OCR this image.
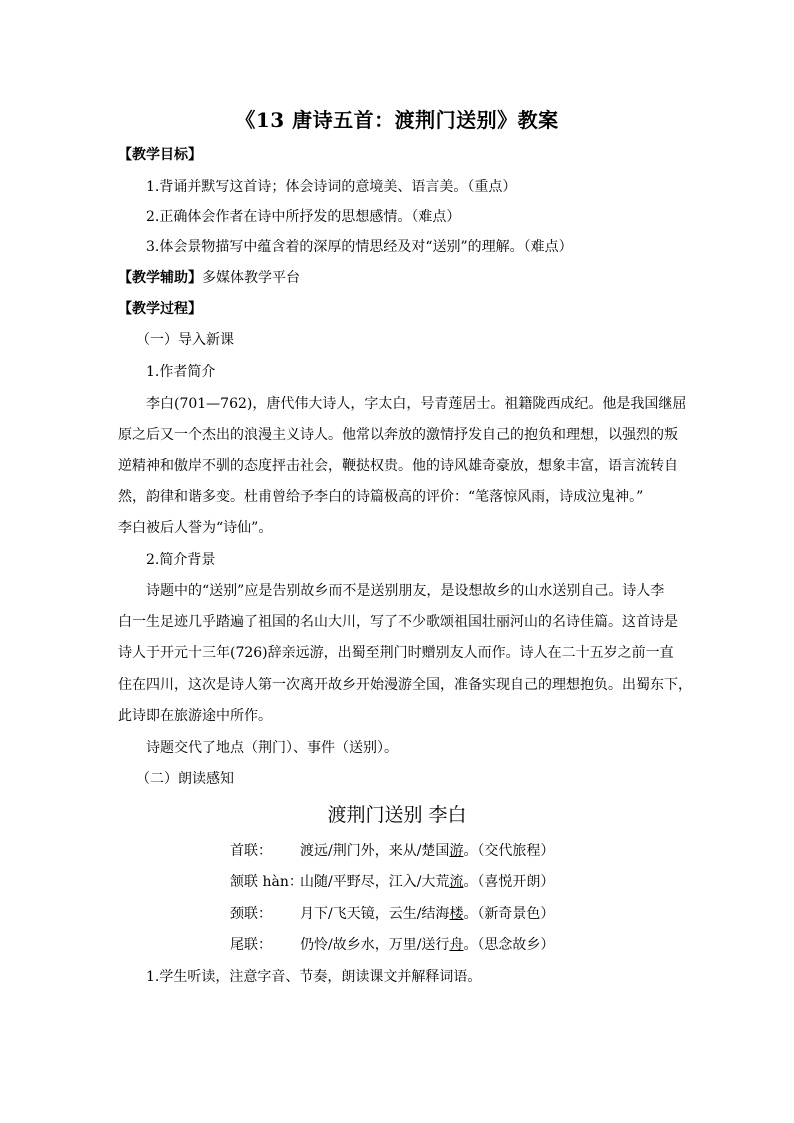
《13 唐诗五首：渡荆门送别》教案
【教学目标】
1.背诵并默写这首诗；体会诗词的意境美、语言美。（重点）
2.正确体会作者在诗中所抒发的思想感情。（难点）
3.体会景物描写中蕴含着的深厚的情思经及对“送别”的理解。（难点）
【教学辅助】多媒体教学平台
【教学过程】
（一）导入新课
1.作者简介
李白(701—762)，唐代伟大诗人，字太白，号青莲居士。祖籍陇西成纪。他是我国继屈
原之后又一个杰出的浪漫主义诗人。他常以奔放的激情抒发自己的抱负和理想，以强烈的叛
逆精神和傲岸不驯的态度抨击社会，鞭挞权贵。他的诗风雄奇豪放，想象丰富，语言流转自
然，韵律和谐多变。杜甫曾给予李白的诗篇极高的评价：“笔落惊风雨，诗成泣鬼神。”
李白被后人誉为“诗仙”。
2.简介背景
诗题中的“送别”应是告别故乡而不是送别朋友，是设想故乡的山水送别自己。诗人李
白一生足迹几乎踏遍了祖国的名山大川，写了不少歌颂祖国壮丽河山的名诗佳篇。这首诗是
诗人于开元十三年(726)辞亲远游，出蜀至荆门时赠别友人而作。诗人在二十五岁之前一直
住在四川，这次是诗人第一次离开故乡开始漫游全国，准备实现自己的理想抱负。出蜀东下，
此诗即在旅游途中所作。
诗题交代了地点（荆门）、事件（送别）。
（二）朗读感知
渡荆门送别 李白
首联： 渡远/荆门外，来从/楚国游。（交代旅程）
颔联 hàn：山随/平野尽，江入/大荒流。（喜悦开朗）
颈联： 月下/飞天镜，云生/结海楼。（新奇景色）
尾联： 仍怜/故乡水，万里/送行舟。（思念故乡）
1.学生听读，注意字音、节奏，朗读课文并解释词语。
